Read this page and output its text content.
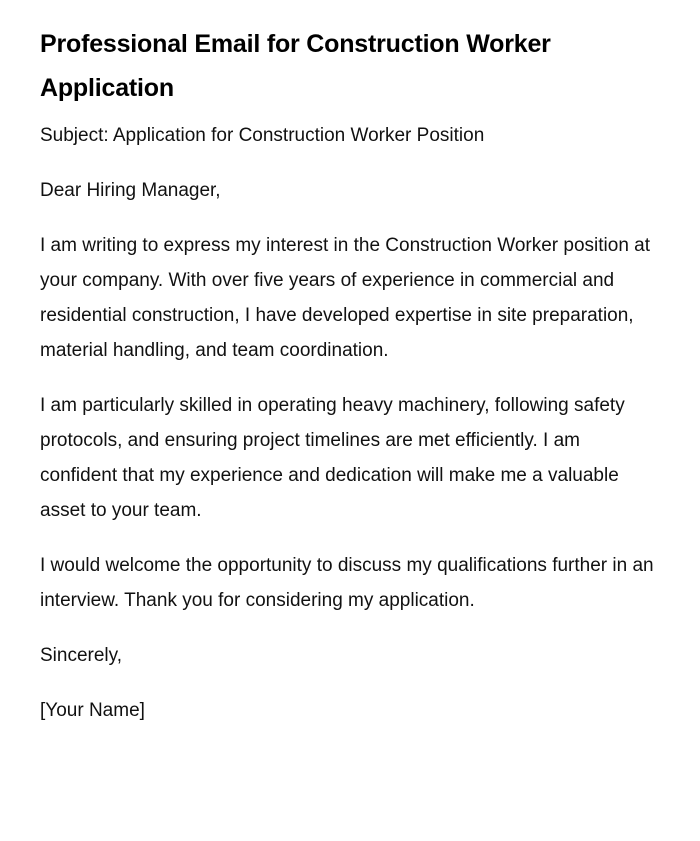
Professional Email for Construction Worker Application

Subject: Application for Construction Worker Position

Dear Hiring Manager,

I am writing to express my interest in the Construction Worker position at your company. With over five years of experience in commercial and residential construction, I have developed expertise in site preparation, material handling, and team coordination.

I am particularly skilled in operating heavy machinery, following safety protocols, and ensuring project timelines are met efficiently. I am confident that my experience and dedication will make me a valuable asset to your team.

I would welcome the opportunity to discuss my qualifications further in an interview. Thank you for considering my application.

Sincerely,

[Your Name]
